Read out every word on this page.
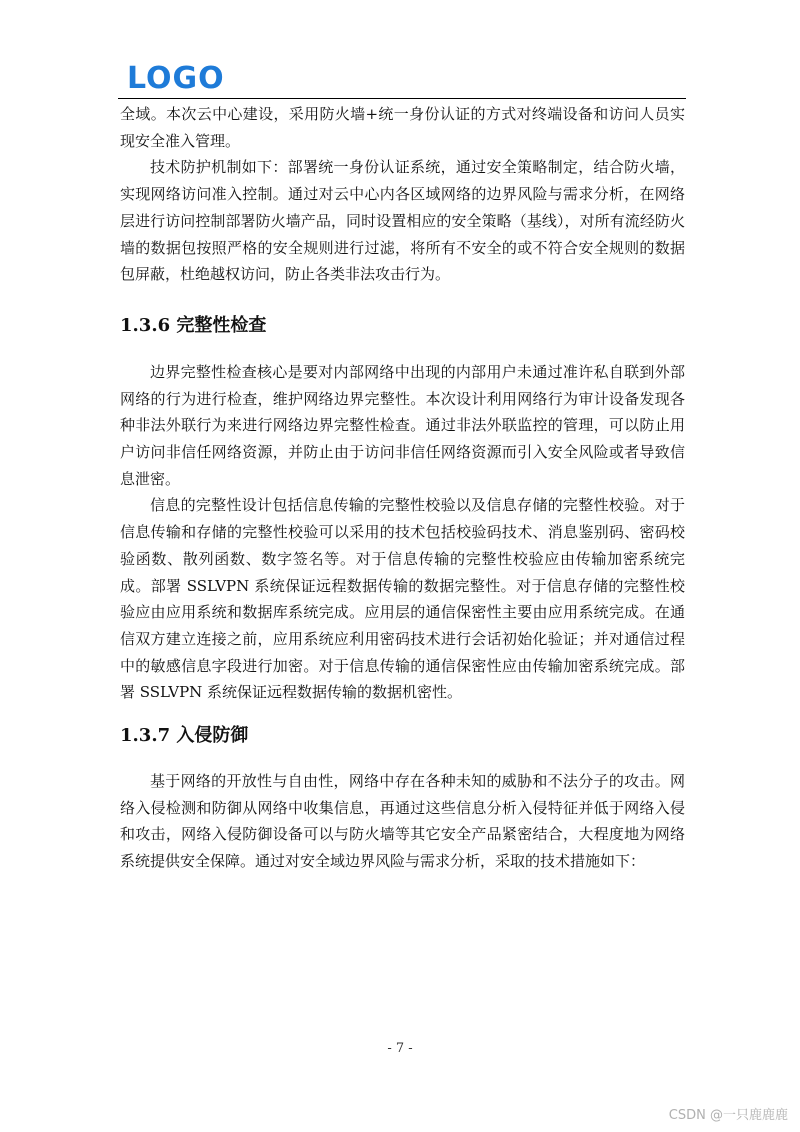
LOGO

全域。本次云中心建设，采用防火墙+统一身份认证的方式对终端设备和访问人员实现安全准入管理。

技术防护机制如下：部署统一身份认证系统，通过安全策略制定，结合防火墙，实现网络访问准入控制。通过对云中心内各区域网络的边界风险与需求分析，在网络层进行访问控制部署防火墙产品，同时设置相应的安全策略（基线），对所有流经防火墙的数据包按照严格的安全规则进行过滤，将所有不安全的或不符合安全规则的数据包屏蔽，杜绝越权访问，防止各类非法攻击行为。

1.3.6 完整性检查

边界完整性检查核心是要对内部网络中出现的内部用户未通过准许私自联到外部网络的行为进行检查，维护网络边界完整性。本次设计利用网络行为审计设备发现各种非法外联行为来进行网络边界完整性检查。通过非法外联监控的管理，可以防止用户访问非信任网络资源，并防止由于访问非信任网络资源而引入安全风险或者导致信息泄密。

信息的完整性设计包括信息传输的完整性校验以及信息存储的完整性校验。对于信息传输和存储的完整性校验可以采用的技术包括校验码技术、消息鉴别码、密码校验函数、散列函数、数字签名等。对于信息传输的完整性校验应由传输加密系统完成。部署 SSLVPN 系统保证远程数据传输的数据完整性。对于信息存储的完整性校验应由应用系统和数据库系统完成。应用层的通信保密性主要由应用系统完成。在通信双方建立连接之前，应用系统应利用密码技术进行会话初始化验证；并对通信过程中的敏感信息字段进行加密。对于信息传输的通信保密性应由传输加密系统完成。部署 SSLVPN 系统保证远程数据传输的数据机密性。

1.3.7 入侵防御

基于网络的开放性与自由性，网络中存在各种未知的威胁和不法分子的攻击。网络入侵检测和防御从网络中收集信息，再通过这些信息分析入侵特征并低于网络入侵和攻击，网络入侵防御设备可以与防火墙等其它安全产品紧密结合，大程度地为网络系统提供安全保障。通过对安全域边界风险与需求分析，采取的技术措施如下：

- 7 -
CSDN @一只鹿鹿鹿
